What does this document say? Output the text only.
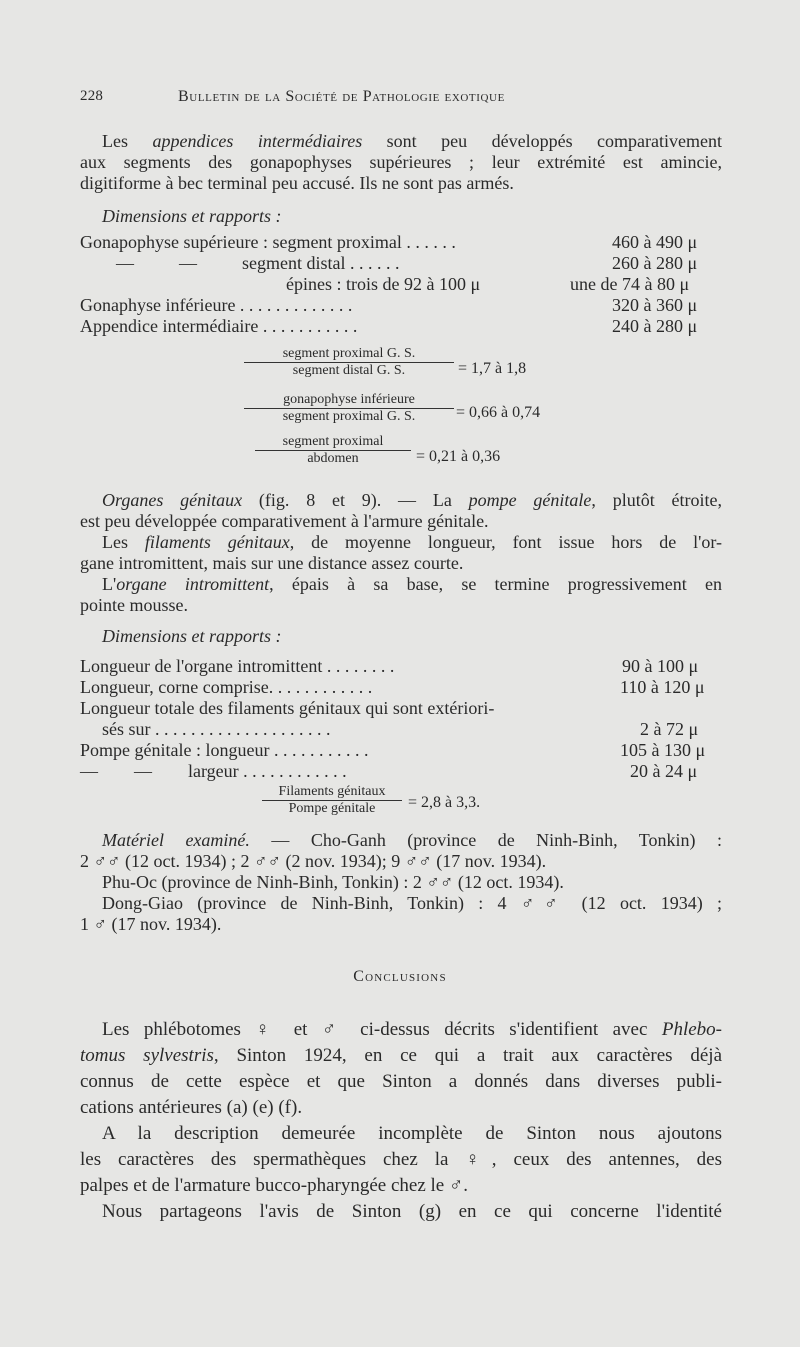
228	Bulletin de la Société de Pathologie exotique
Les appendices intermédiaires sont peu développés comparativement
aux segments des gonapophyses supérieures ; leur extrémité est amincie,
digitiforme à bec terminal peu accusé. Ils ne sont pas armés.
Dimensions et rapports :
Gonapophyse supérieure : segment proximal . . . . . .	460 à 490 μ
—          —          segment distal . . . . . .	260 à 280 μ
épines : trois de 92 à 100 μ	une de 74 à 80 μ
Gonaphyse inférieure . . . . . . . . . . . . .	320 à 360 μ
Appendice intermédiaire . . . . . . . . . . .	240 à 280 μ
segment proximal G. S.
segment distal G. S.	= 1,7 à 1,8
gonapophyse inférieure
segment proximal G. S.	= 0,66 à 0,74
segment proximal
abdomen	= 0,21 à 0,36
Organes génitaux (fig. 8 et 9). — La pompe génitale, plutôt étroite,
est peu développée comparativement à l'armure génitale.
Les filaments génitaux, de moyenne longueur, font issue hors de l'or-
gane intromittent, mais sur une distance assez courte.
L'organe intromittent, épais à sa base, se termine progressivement en
pointe mousse.
Dimensions et rapports :
Longueur de l'organe intromittent . . . . . . . .	90 à 100 μ
Longueur, corne comprise. . . . . . . . . . . .	110 à 120 μ
Longueur totale des filaments génitaux qui sont extériori-
sés sur . . . . . . . . . . . . . . . . . . . .	2 à 72 μ
Pompe génitale : longueur . . . . . . . . . . .	105 à 130 μ
—        —        largeur . . . . . . . . . . . .	20 à 24 μ
Filaments génitaux
Pompe génitale	= 2,8 à 3,3.
Matériel examiné. — Cho-Ganh (province de Ninh-Binh, Tonkin) :
2 ♂♂ (12 oct. 1934) ; 2 ♂♂ (2 nov. 1934); 9 ♂♂ (17 nov. 1934).
Phu-Oc (province de Ninh-Binh, Tonkin) : 2 ♂♂ (12 oct. 1934).
Dong-Giao (province de Ninh-Binh, Tonkin) : 4 ♂♂ (12 oct. 1934) ;
1 ♂ (17 nov. 1934).
Conclusions
Les phlébotomes ♀ et ♂ ci-dessus décrits s'identifient avec Phlebo-
tomus sylvestris, Sinton 1924, en ce qui a trait aux caractères déjà
connus de cette espèce et que Sinton a donnés dans diverses publi-
cations antérieures (a) (e) (f).
A la description demeurée incomplète de Sinton nous ajoutons
les caractères des spermathèques chez la ♀, ceux des antennes, des
palpes et de l'armature bucco-pharyngée chez le ♂.
Nous partageons l'avis de Sinton (g) en ce qui concerne l'identité
